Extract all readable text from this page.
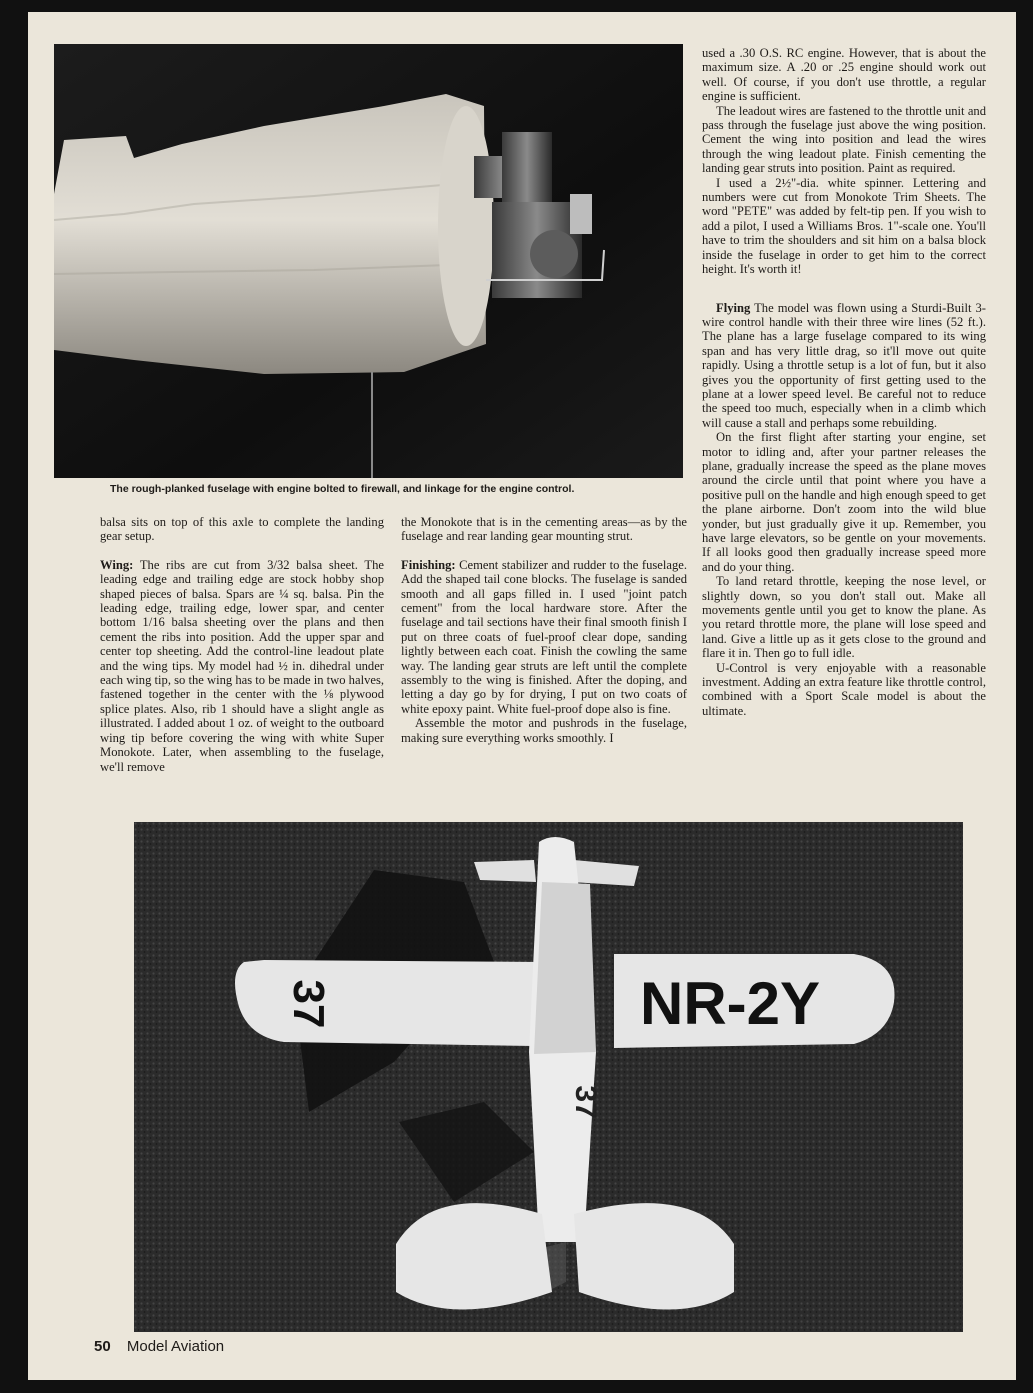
The rough-planked fuselage with engine bolted to firewall, and linkage for the engine control.

used a .30 O.S. RC engine. However, that is about the maximum size. A .20 or .25 engine should work out well. Of course, if you don't use throttle, a regular engine is sufficient.

The leadout wires are fastened to the throttle unit and pass through the fuselage just above the wing position. Cement the wing into position and lead the wires through the wing leadout plate. Finish cementing the landing gear struts into position. Paint as required.

I used a 2½"-dia. white spinner. Lettering and numbers were cut from Monokote Trim Sheets. The word "PETE" was added by felt-tip pen. If you wish to add a pilot, I used a Williams Bros. 1"-scale one. You'll have to trim the shoulders and sit him on a balsa block inside the fuselage in order to get him to the correct height. It's worth it!

Flying The model was flown using a Sturdi-Built 3-wire control handle with their three wire lines (52 ft.). The plane has a large fuselage compared to its wing span and has very little drag, so it'll move out quite rapidly. Using a throttle setup is a lot of fun, but it also gives you the opportunity of first getting used to the plane at a lower speed level. Be careful not to reduce the speed too much, especially when in a climb which will cause a stall and perhaps some rebuilding.

On the first flight after starting your engine, set motor to idling and, after your partner releases the plane, gradually increase the speed as the plane moves around the circle until that point where you have a positive pull on the handle and high enough speed to get the plane airborne. Don't zoom into the wild blue yonder, but just gradually give it up. Remember, you have large elevators, so be gentle on your movements. If all looks good then gradually increase speed more and do your thing.

To land retard throttle, keeping the nose level, or slightly down, so you don't stall out. Make all movements gentle until you get to know the plane. As you retard throttle more, the plane will lose speed and land. Give a little up as it gets close to the ground and flare it in. Then go to full idle.

U-Control is very enjoyable with a reasonable investment. Adding an extra feature like throttle control, combined with a Sport Scale model is about the ultimate.

balsa sits on top of this axle to complete the landing gear setup.

Wing: The ribs are cut from 3/32 balsa sheet. The leading edge and trailing edge are stock hobby shop shaped pieces of balsa. Spars are ¼ sq. balsa. Pin the leading edge, trailing edge, lower spar, and center bottom 1/16 balsa sheeting over the plans and then cement the ribs into position. Add the upper spar and center top sheeting. Add the control-line leadout plate and the wing tips. My model had ½ in. dihedral under each wing tip, so the wing has to be made in two halves, fastened together in the center with the ⅛ plywood splice plates. Also, rib 1 should have a slight angle as illustrated. I added about 1 oz. of weight to the outboard wing tip before covering the wing with white Super Monokote. Later, when assembling to the fuselage, we'll remove

the Monokote that is in the cementing areas—as by the fuselage and rear landing gear mounting strut.

Finishing: Cement stabilizer and rudder to the fuselage. Add the shaped tail cone blocks. The fuselage is sanded smooth and all gaps filled in. I used "joint patch cement" from the local hardware store. After the fuselage and tail sections have their final smooth finish I put on three coats of fuel-proof clear dope, sanding lightly between each coat. Finish the cowling the same way. The landing gear struts are left until the complete assembly to the wing is finished. After the doping, and letting a day go by for drying, I put on two coats of white epoxy paint. White fuel-proof dope also is fine.

Assemble the motor and pushrods in the fuselage, making sure everything works smoothly. I

37	NR-2Y
37
50 Model Aviation
